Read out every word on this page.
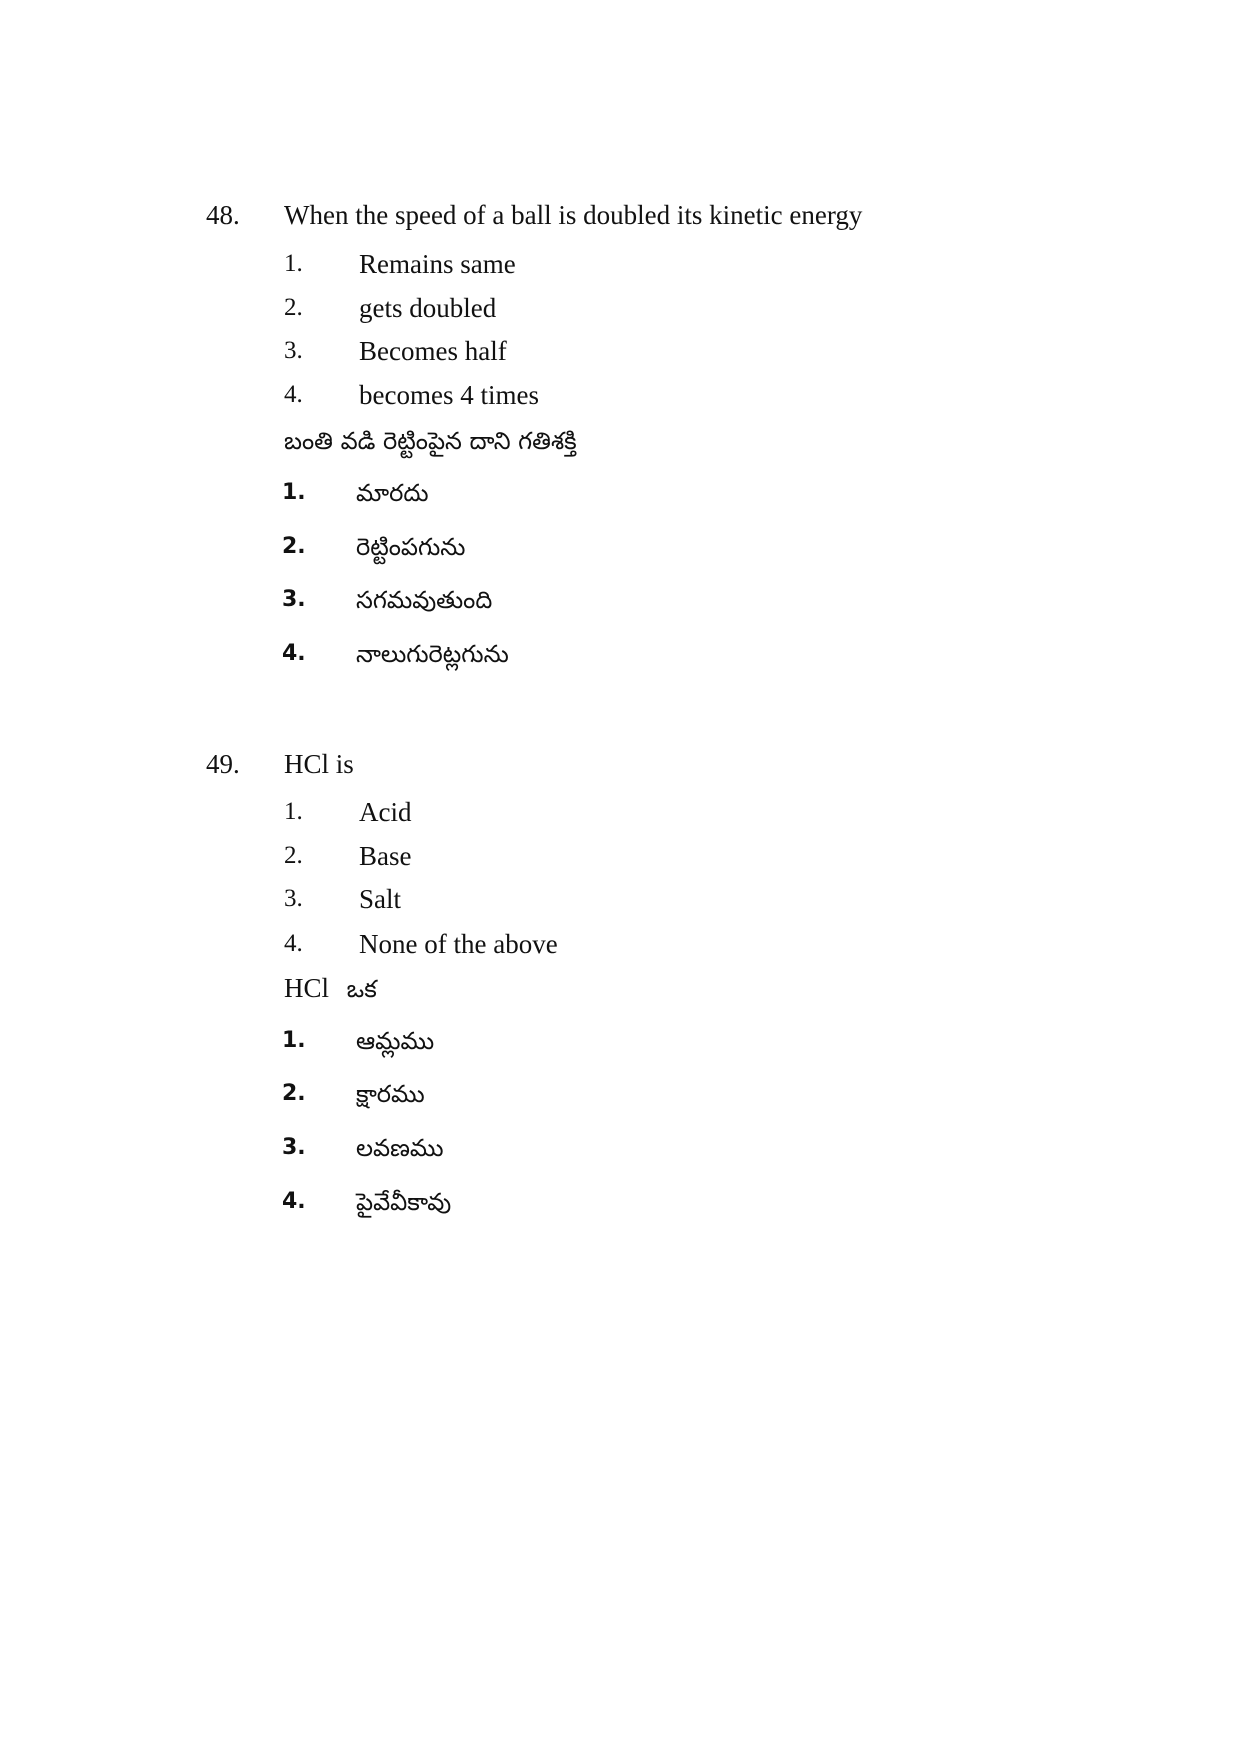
48. When the speed of a ball is doubled its kinetic energy
1. Remains same
2. gets doubled
3. Becomes half
4. becomes 4 times
బంతి వడి రెట్టింపైన దాని గతిశక్తి
1. మారదు
2. రెట్టింపగును
3. సగమవుతుంది
4. నాలుగురెట్లగును
49. HCl is
1. Acid
2. Base
3. Salt
4. None of the above
HCl ఒక
1. ఆమ్లము
2. క్షారము
3. లవణము
4. పైవేవీకావు
